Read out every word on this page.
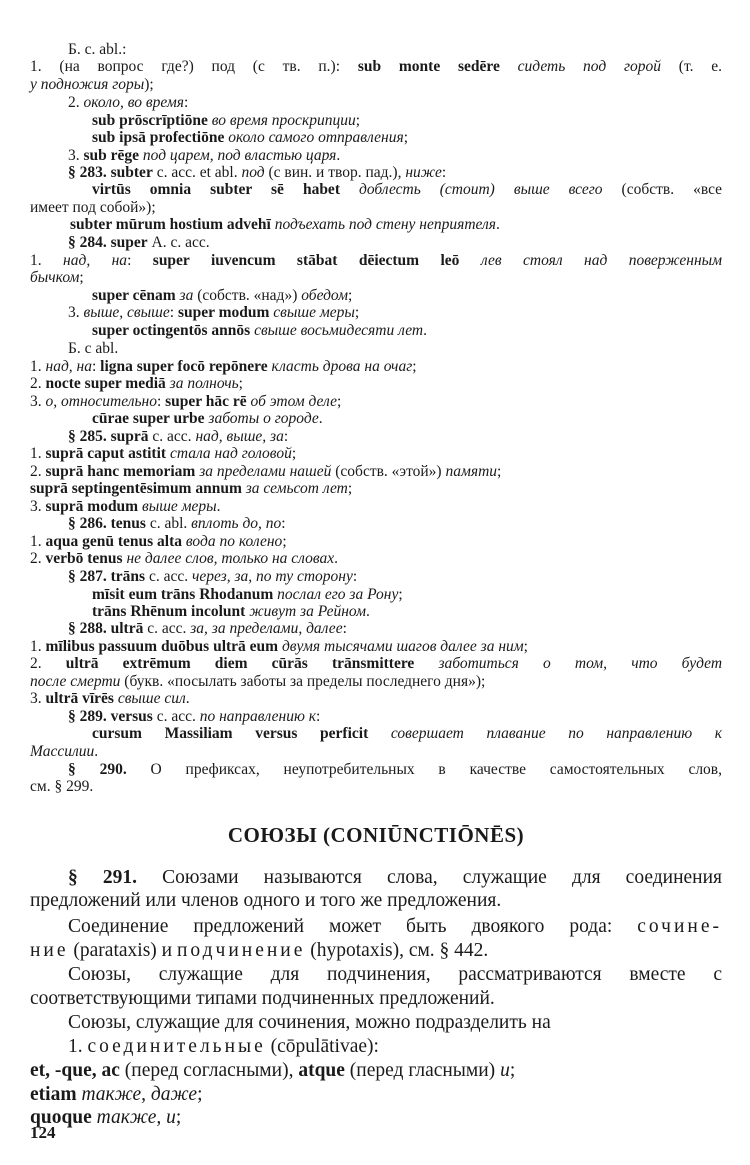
Б. с. abl.:
1. (на вопрос где?) под (с тв. п.): sub monte sedēre сидеть под горой (т. е.
у подножия горы);
2. около, во время:
sub prōscrīptiōne во время проскрипции;
sub ipsā profectiōne около самого отправления;
3. sub rēge под царем, под властью царя.
§ 283. subter c. acc. et abl. под (с вин. и твор. пад.), ниже:
virtūs omnia subter sē habet доблесть (стоит) выше всего (собств. «все
имеет под собой»);
subter mūrum hostium advehī подъехать под стену неприятеля.
§ 284. super А. с. acc.
1. над, на: super iuvencum stābat dēiectum leō лев стоял над поверженным
бычком;
super cēnam за (собств. «над») обедом;
3. выше, свыше: super modum свыше меры;
super octingentōs annōs свыше восьмидесяти лет.
Б. с abl.
1. над, на: ligna super focō repōnere класть дрова на очаг;
2. nocte super mediā за полночь;
3. о, относительно: super hāc rē об этом деле;
cūrae super urbe заботы о городе.
§ 285. suprā c. acc. над, выше, за:
1. suprā caput astitit стала над головой;
2. suprā hanc memoriam за пределами нашей (собств. «этой») памяти;
suprā septingentēsimum annum за семьсот лет;
3. suprā modum выше меры.
§ 286. tenus c. abl. вплоть до, по:
1. aqua genū tenus alta вода по колено;
2. verbō tenus не далее слов, только на словах.
§ 287. trāns c. acc. через, за, по ту сторону:
mīsit eum trāns Rhodanum послал его за Рону;
trāns Rhēnum incolunt живут за Рейном.
§ 288. ultrā c. acc. за, за пределами, далее:
1. mīlibus passuum duōbus ultrā eum двумя тысячами шагов далее за ним;
2. ultrā extrēmum diem cūrās trānsmittere заботиться о том, что будет
после смерти (букв. «посылать заботы за пределы последнего дня»);
3. ultrā vīrēs свыше сил.
§ 289. versus c. acc. по направлению к:
cursum Massiliam versus perficit совершает плавание по направлению к
Массилии.
§ 290. О префиксах, неупотребительных в качестве самостоятельных слов,
см. § 299.
СОЮЗЫ (CONIŪNCTIŌNĒS)
§ 291. Союзами называются слова, служащие для соединения
предложений или членов одного и того же предложения.
Соединение предложений может быть двоякого рода: сочине-
ние (parataxis) и подчинение (hypotaxis), см. § 442.
Союзы, служащие для подчинения, рассматриваются вместе с
соответствующими типами подчиненных предложений.
Союзы, служащие для сочинения, можно подразделить на
1. соединительные (cōpulātivae):
et, -que, ac (перед согласными), atque (перед гласными) и;
etiam также, даже;
quoque также, и;
124
